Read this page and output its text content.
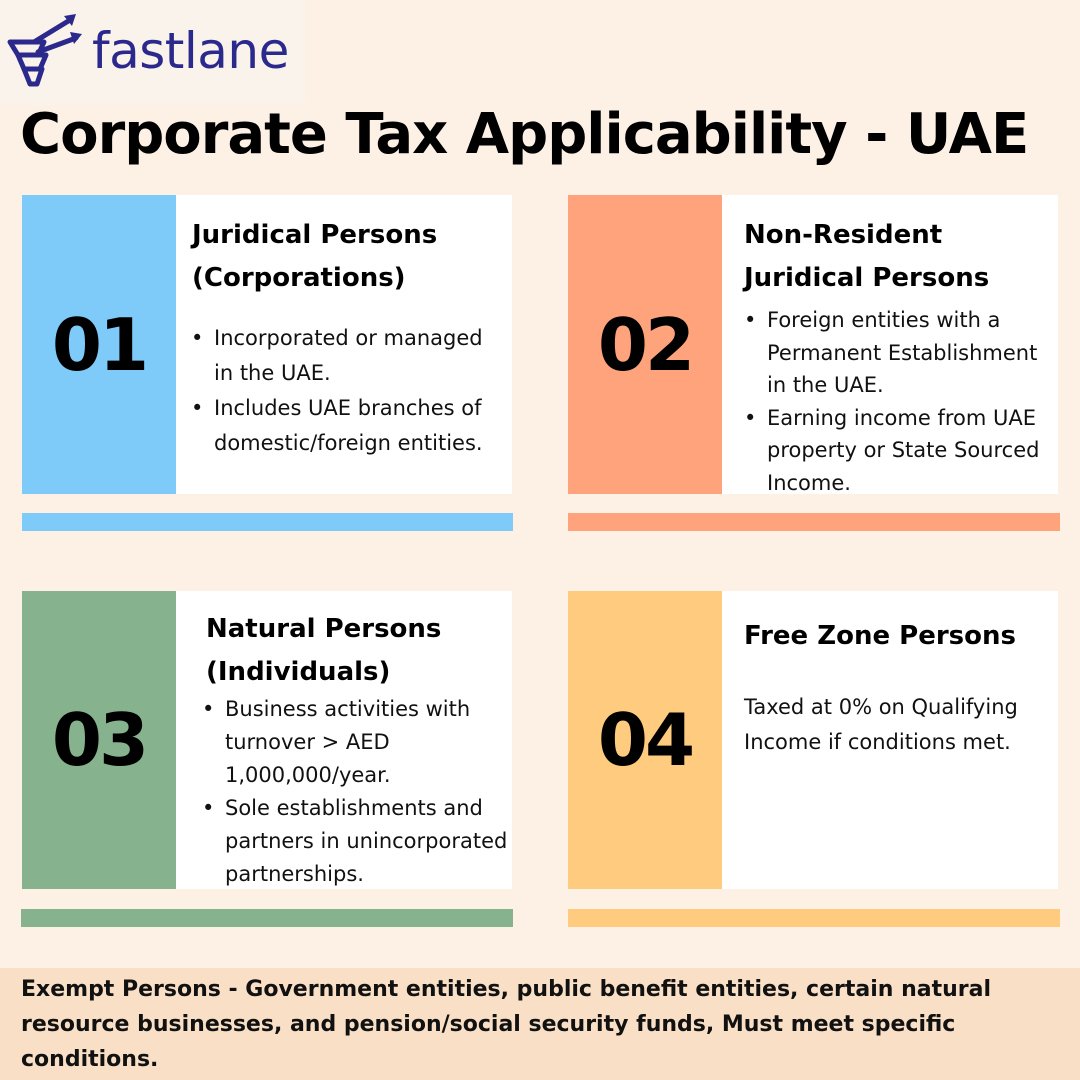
fastlane
Corporate Tax Applicability - UAE
01
Juridical Persons
(Corporations)
• Incorporated or managed
in the UAE.
• Includes UAE branches of
domestic/foreign entities.
02
Non-Resident
Juridical Persons
• Foreign entities with a
Permanent Establishment
in the UAE.
• Earning income from UAE
property or State Sourced
Income.
03
Natural Persons
(Individuals)
• Business activities with
turnover > AED
1,000,000/year.
• Sole establishments and
partners in unincorporated
partnerships.
04
Free Zone Persons
Taxed at 0% on Qualifying
Income if conditions met.
Exempt Persons - Government entities, public benefit entities, certain natural
resource businesses, and pension/social security funds, Must meet specific
conditions.
